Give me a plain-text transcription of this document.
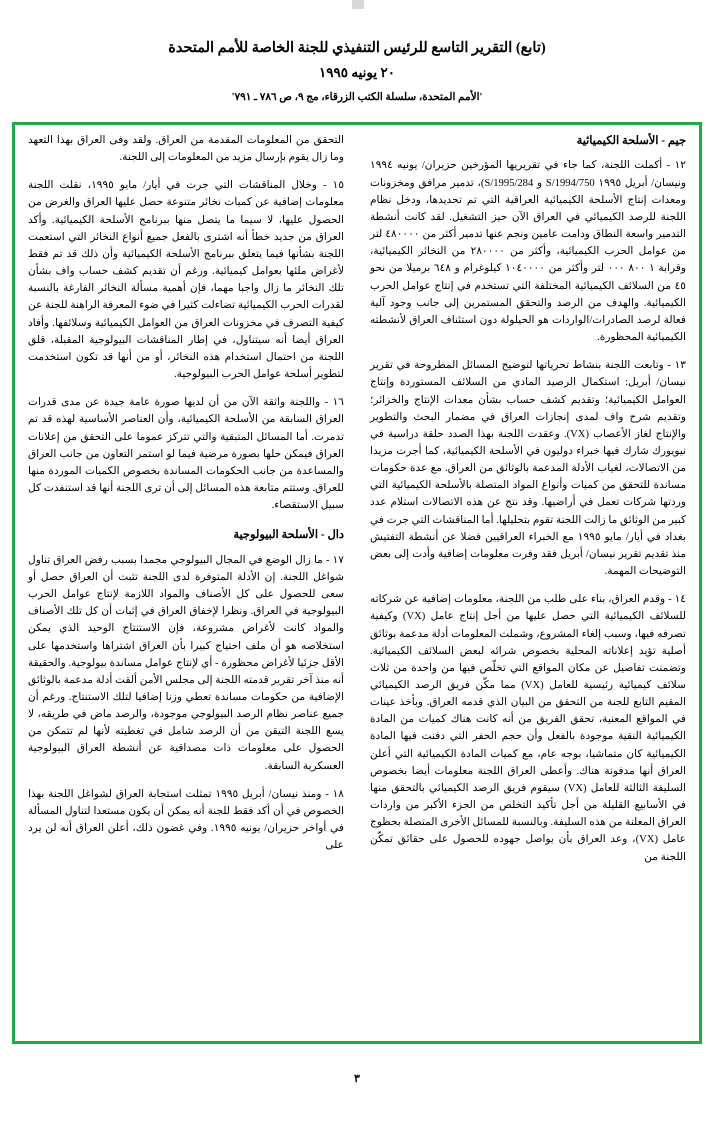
(تابع) التقرير التاسع للرئيس التنفيذي للجنة الخاصة للأمم المتحدة
٢٠ يونيه ١٩٩٥
'الأمم المتحدة، سلسلة الكتب الزرقاء، مج ٩، ص ٧٨٦ ـ ٧٩١'
جيم - الأسلحة الكيميائية

١٢ - أكملت اللجنة، كما جاء في تقريريها المؤرخين حزيران/ يونيه ١٩٩٤ ونيسان/ أبريل ١٩٩٥ S/1994/750 و S/1995/284)، تدمير مرافق ومخزونات ومعدات إنتاج الأسلحة الكيميائية العراقية التي تم تحديدها، ودخل نظام اللجنة للرصد الكيميائي في العراق الآن حيز التشغيل. لقد كانت أنشطة التدمير واسعة النطاق ودامت عامين ونجم عنها تدمير أكثر من ٤٨٠٠٠٠ لتر من عوامل الحرب الكيميائية، وأكثر من ٢٨٠٠٠٠ من النخائر الكيميائية، وقرابة ١ ٨٠٠ ٠٠٠ لتر وأكثر من ١٠٤٠٠٠٠ كيلوغرام و ٦٤٨ برميلا من نحو ٤٥ من السلائف الكيميائية المختلفة التي تستخدم في إنتاج عوامل الحرب الكيميائية. والهدف من الرصد والتحقق المستمرين إلى جانب وجود آلية فعالة لرصد الصادرات/الواردات هو الحيلولة دون استئناف العراق لأنشطته الكيميائية المحظورة.

١٣ - وتابعت اللجنة بنشاط تحرياتها لتوضيح المسائل المطروحة في تقرير نيسان/ أبريل: استكمال الرصيد المادي من السلائف المستوردة وإنتاج العوامل الكيميائية؛ وتقديم كشف حساب بشأن معدات الإنتاج والخزائر؛ وتقديم شرح واف لمدى إنجازات العراق في مضمار البحث والتطوير والإنتاج لغاز الأعصاب (VX). وعقدت اللجنة بهذا الصدد حلقة دراسية في نيويورك شارك فيها خبراء دوليون في الأسلحة الكيميائية، كما أجرت مزيدا من الاتصالات، لغياب الأدلة المدعمة بالوثائق من العراق. مع عدة حكومات مساندة للتحقق من كميات وأنواع المواد المتصلة بالأسلحة الكيميائية التي وردتها شركات تعمل في أراضيها. وقد نتج عن هذه الاتصالات استلام عدد كبير من الوثائق ما زالت اللجنة تقوم بتحليلها. أما المناقشات التي جرت في بغداد في أيار/ مايو ١٩٩٥ مع الخبراء العراقيين فضلا عن أنشطة التفتيش منذ تقديم تقرير نيسان/ أبريل فقد وفرت معلومات إضافية وأدت إلى بعض التوضيحات المهمة.

١٤ - وقدم العراق، بناء على طلب من اللجنة، معلومات إضافية عن شركاته للسلائف الكيميائية التي حصل عليها من أجل إنتاج عامل (VX) وكيفية تصرفه فيها، وسبب إلغاء المشروع، وشملت المعلومات أدلة مدعمة بوثائق أصلية تؤيد إعلاناته المحلية بخصوص شرائه لبعض السلائف الكيميائية. وتضمنت تفاصيل عن مكان المواقع التي تخلّص فيها من واحدة من ثلاث سلائف كيميائية رئيسية للعامل (VX) مما مكّن فريق الرصد الكيميائي المقيم التابع للجنة من التحقق من البيان الذي قدمه العراق. وبأخذ عينات في المواقع المعنية، تحقق الفريق من أنه كانت هناك كميات من المادة الكيميائية النقية موجودة بالفعل وأن حجم الحفر التي دفنت فيها المادة الكيميائية كان متماشيا، بوجه عام، مع كميات المادة الكيميائية التي أعلن العراق أنها مدفونة هناك. وأعطى العراق اللجنة معلومات أيضا بخصوص السليفة الثالثة للعامل (VX) سيقوم فريق الرصد الكيميائي بالتحقق منها في الأسابيع القليلة من أجل تأكيد التخلص من الجزء الأكبر من واردات العراق المعلنة من هذه السليفة. وبالنسبة للمسائل الأخرى المتصلة بحظوج عامل (VX)، وعد العراق بأن يواصل جهوده للحصول على حقائق تمكّن اللجنة من

التحقق من المعلومات المقدمة من العراق. ولقد وفى العراق بهذا التعهد وما زال يقوم بإرسال مزيد من المعلومات إلى اللجنة.

١٥ - وخلال المناقشات التي جرت في أيار/ مايو ١٩٩٥، نقلت اللجنة معلومات إضافية عن كميات نخائر متنوعة حصل عليها العراق والغرض من الحصول عليها، لا سيما ما يتصل منها ببرنامج الأسلحة الكيميائية. وأكد العراق من جديد خطأ أنه اشترى بالفعل جميع أنواع النخائر التي استعمت اللجنة بشأنها فيما يتعلق ببرنامج الأسلحة الكيميائية وأن ذلك قد تم فقط لأغراض ملئها بعوامل كيميائية. ورغم أن تقديم كشف حساب واف بشأن تلك النخائر ما زال واجبا مهما، فإن أهمية مسألة النخائر الفارغة بالنسبة لقدرات الحرب الكيميائية تضاءلت كثيرا في ضوء المعرفة الراهنة للجنة عن كيفية التصرف في مخزونات العراق من العوامل الكيميائية وسلائفها. وأفاد العراق أيضا أنه سيتناول، في إطار المناقشات البيولوجية المقبلة، قلق اللجنة من احتمال استخدام هذه النخائر، أو من أنها قد تكون استخدمت لتطوير أسلحة عوامل الحرب البيولوجية.

١٦ - واللجنة واثقة الآن من أن لديها صورة عامة جيدة عن مدى قدرات العراق السابقة من الأسلحة الكيميائية، وأن العناصر الأساسية لهذه قد تم تدمرت. أما المسائل المتبقية والتي تتركز عموما على التحقق من إعلانات العراق فيمكن حلها بصورة مرضية فيما لو استمر التعاون من جانب العراق والمساعدة من جانب الحكومات المساندة بخصوص الكميات الموردة منها للعراق. وستتم متابعة هذه المسائل إلى أن ترى اللجنة أنها قد استنفدت كل سبيل الاستقصاء.

دال - الأسلحة البيولوجية

١٧ - ما زال الوضع في المجال البيولوجي مجمدا بسبب رفض العراق تناول شواغل اللجنة. إن الأدلة المتوفرة لدى اللجنة تثبت أن العراق حصل أو سعى للحصول على كل الأصناف والمواد اللازمة لإنتاج عوامل الحرب البيولوجية في العراق. ونظرا لإخفاق العراق في إثبات أن كل تلك الأصناف والمواد كانت لأغراض مشروعة، فإن الاستنتاج الوحيد الذي يمكن استخلاصه هو أن ملف احتياج كبيرا بأن العراق اشتراها واستخدمها على الأقل جزئيا لأغراض محظورة - أي لإنتاج عوامل مساندة بيولوجية. والحقيقة أنه منذ آخر تقرير قدمته اللجنة إلى مجلس الأمن ألقت أدلة مدعمة بالوثائق الإضافية من حكومات مساندة تعطي وزنا إضافيا لتلك الاستنتاج. ورغم أن جميع عناصر نظام الرصد البيولوجي موجودة، والرصد ماض في طريقه، لا يسع اللجنة التيقن من أن الرصد شامل في تغطيته لأنها لم تتمكن من الحصول على معلومات ذات مصداقية عن أنشطة العراق البيولوجية العسكرية السابقة.

١٨ - ومنذ نيسان/ أبريل ١٩٩٥ تمثلت استجابة العراق لشواغل اللجنة بهذا الخصوص في أن أكد فقط للجنة أنه يمكن أن يكون مستعدا لتناول المسألة في أواخر حزيران/ يونيه ١٩٩٥. وفي غضون ذلك، أعلن العراق أنه لن يرد على

٣
